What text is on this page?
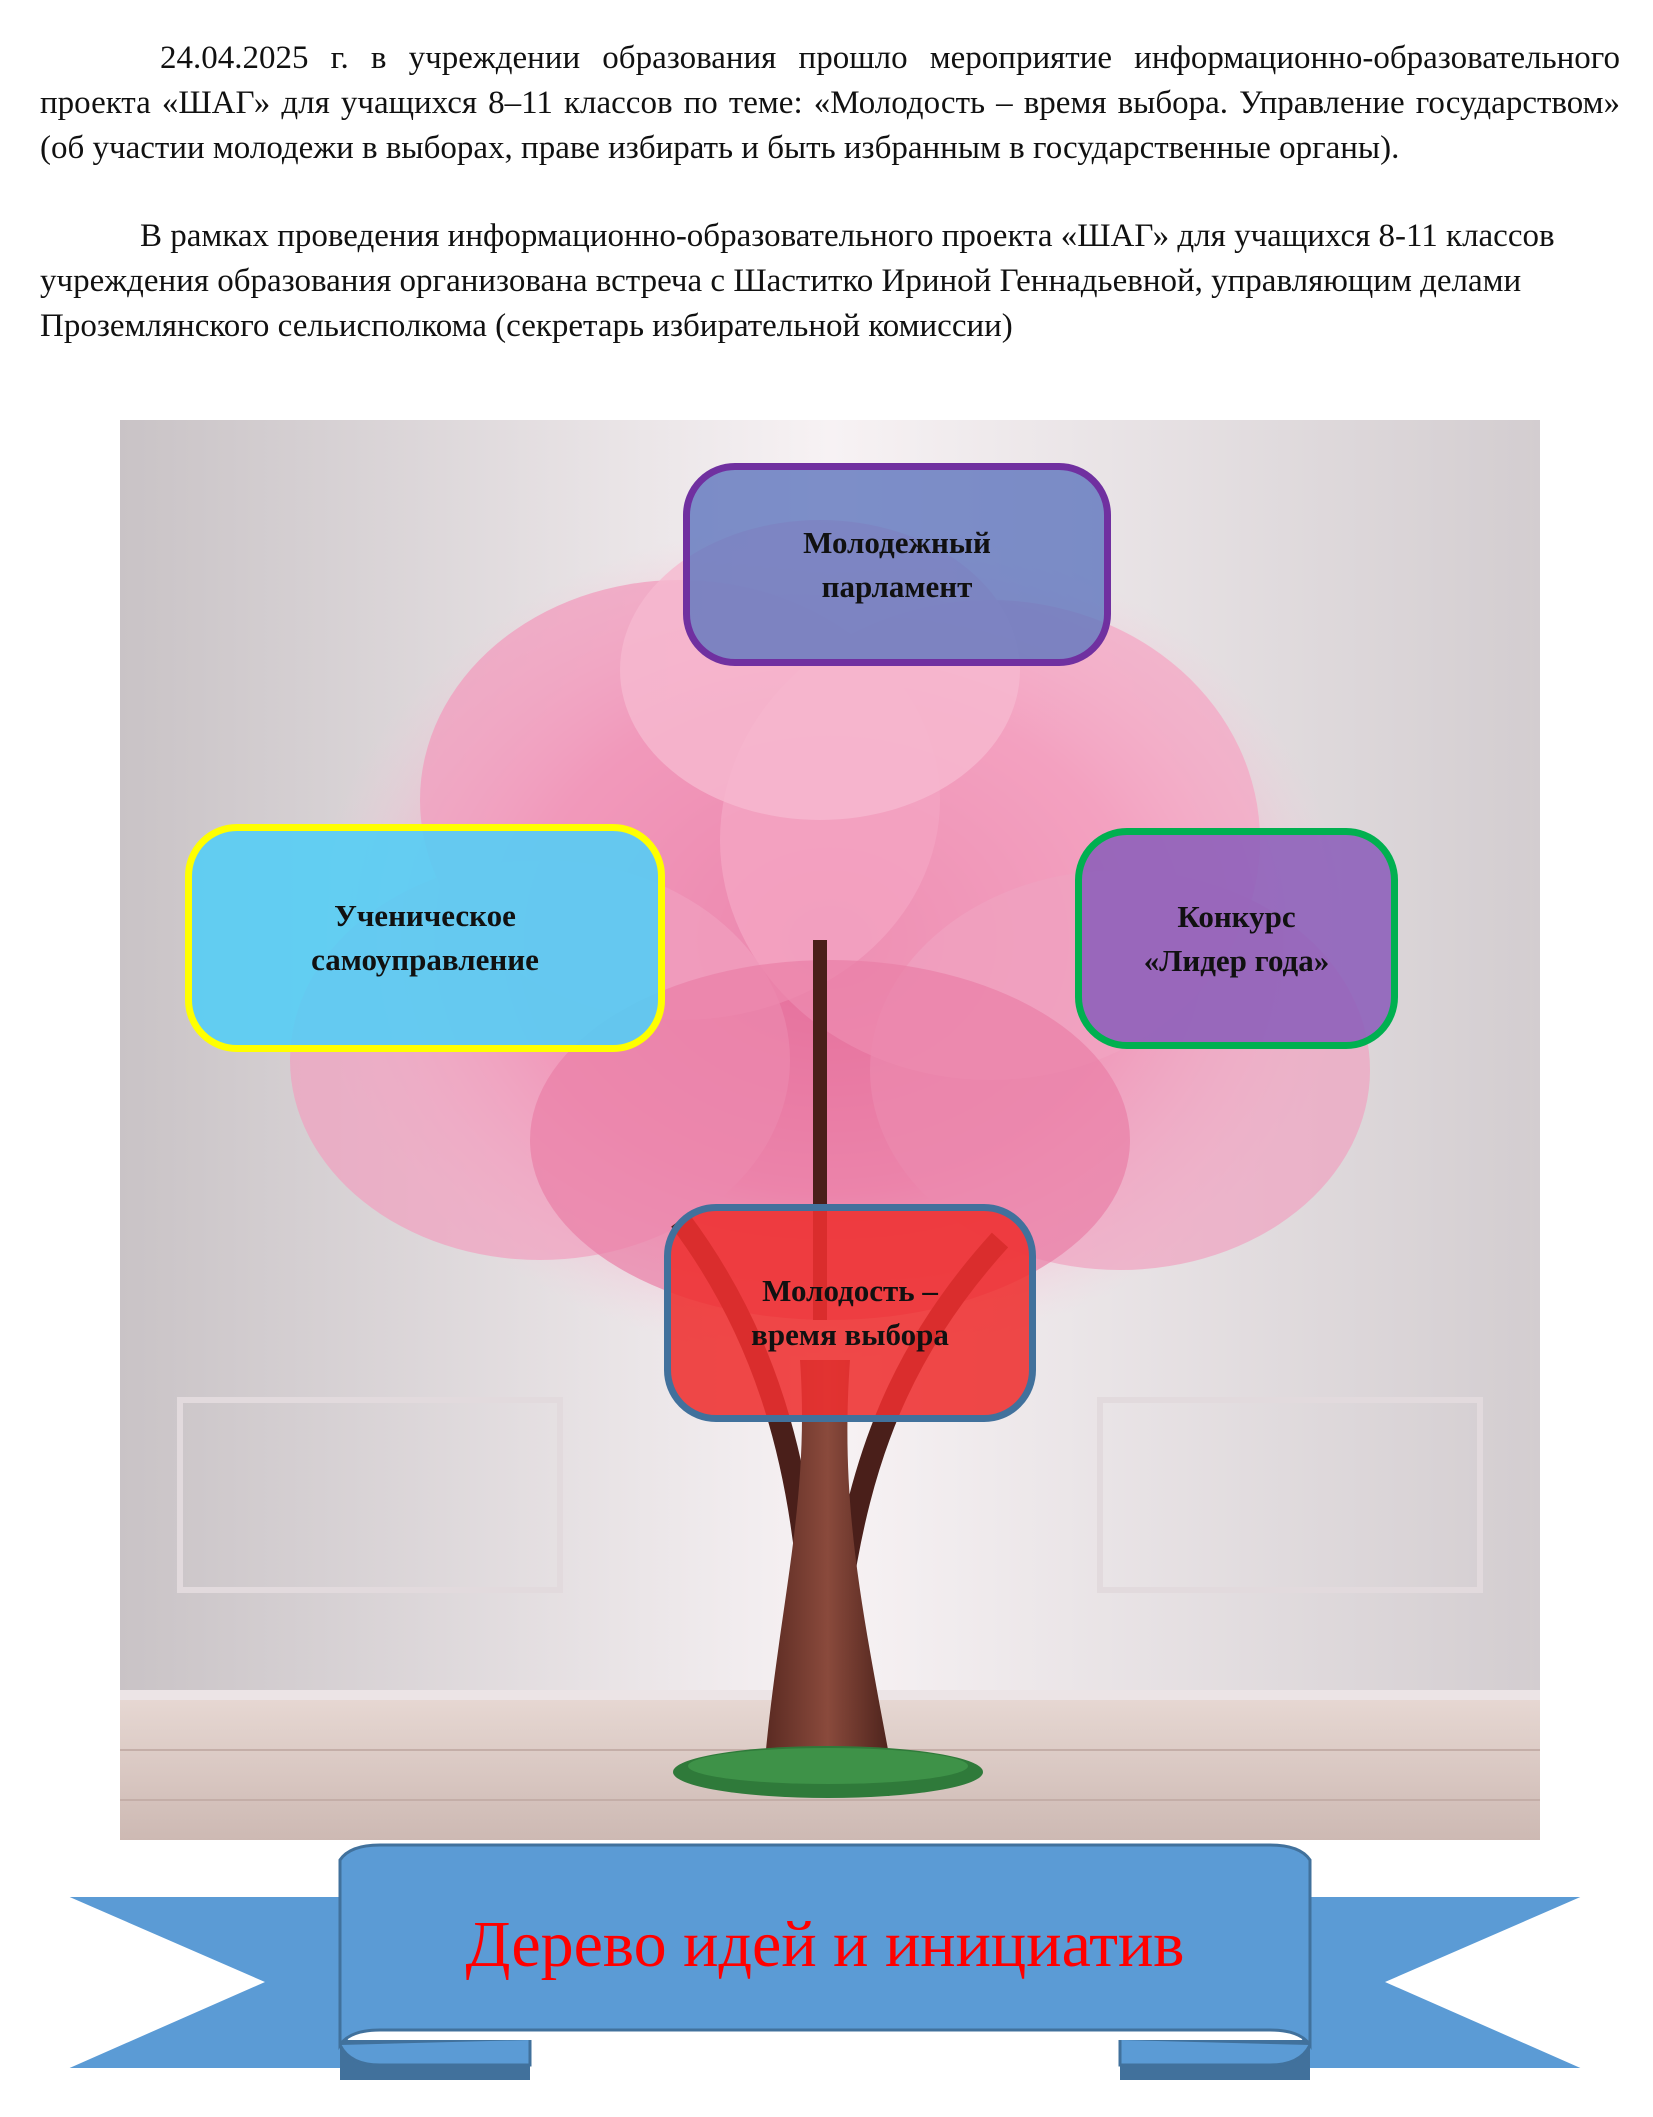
24.04.2025 г. в учреждении образования прошло мероприятие информационно-образовательного проекта «ШАГ» для учащихся 8–11 классов по теме: «Молодость – время выбора. Управление государством» (об участии молодежи в выборах, праве избирать и быть избранным в государственные органы).

В рамках проведения информационно-образовательного проекта «ШАГ» для учащихся 8-11 классов учреждения образования организована встреча с Шаститко Ириной Геннадьевной, управляющим делами Проземлянского сельисполкома (секретарь избирательной комиссии)

Молодежный
парламент
Ученическое
самоуправление
Конкурс
«Лидер года»
Молодость –
время выбора
Дерево идей и инициатив
